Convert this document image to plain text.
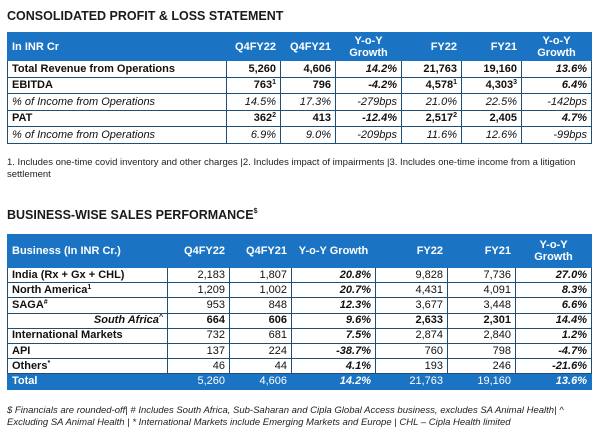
CONSOLIDATED PROFIT & LOSS STATEMENT
In INR Cr	Q4FY22	Q4FY21	Y-o-Y Growth	FY22	FY21	Y-o-Y Growth
Total Revenue from Operations	5,260	4,606	14.2%	21,763	19,160	13.6%
EBITDA	$763^1$	796	-4.2%	4,578$^1$	4,303$^3$	6.4%
% of Income from Operations	14.5%	17.3%	-279bps	21.0%	22.5%	-142bps
PAT	$362^2$	413	-12.4%	2,517$^2$	2,405	4.7%
% of Income from Operations	6.9%	9.0%	-209bps	11.6%	12.6%	-99bps
1. Includes one-time covid inventory and other charges |2. Includes impact of impairments |3. Includes one-time income from a litigation settlement
BUSINESS-WISE SALES PERFORMANCE$
Business (In INR Cr.)	Q4FY22	Q4FY21	Y-o-Y Growth	FY22	FY21	Y-o-Y Growth
India (Rx + Gx + CHL)	2,183	1,807	20.8%	9,828	7,736	27.0%
North America$^1$	1,209	1,002	20.7%	4,431	4,091	8.3%
SAGA#	953	848	12.3%	3,677	3,448	6.6%
South Africa^	664	606	9.6%	2,633	2,301	14.4%
International Markets	732	681	7.5%	2,874	2,840	1.2%
API	137	224	-38.7%	760	798	-4.7%
Others*	46	44	4.1%	193	246	-21.6%
Total	5,260	4,606	14.2%	21,763	19,160	13.6%
$ Financials are rounded-off| # Includes South Africa, Sub-Saharan and Cipla Global Access business, excludes SA Animal Health| ^ Excluding SA Animal Health | * International Markets include Emerging Markets and Europe | CHL – Cipla Health limited
